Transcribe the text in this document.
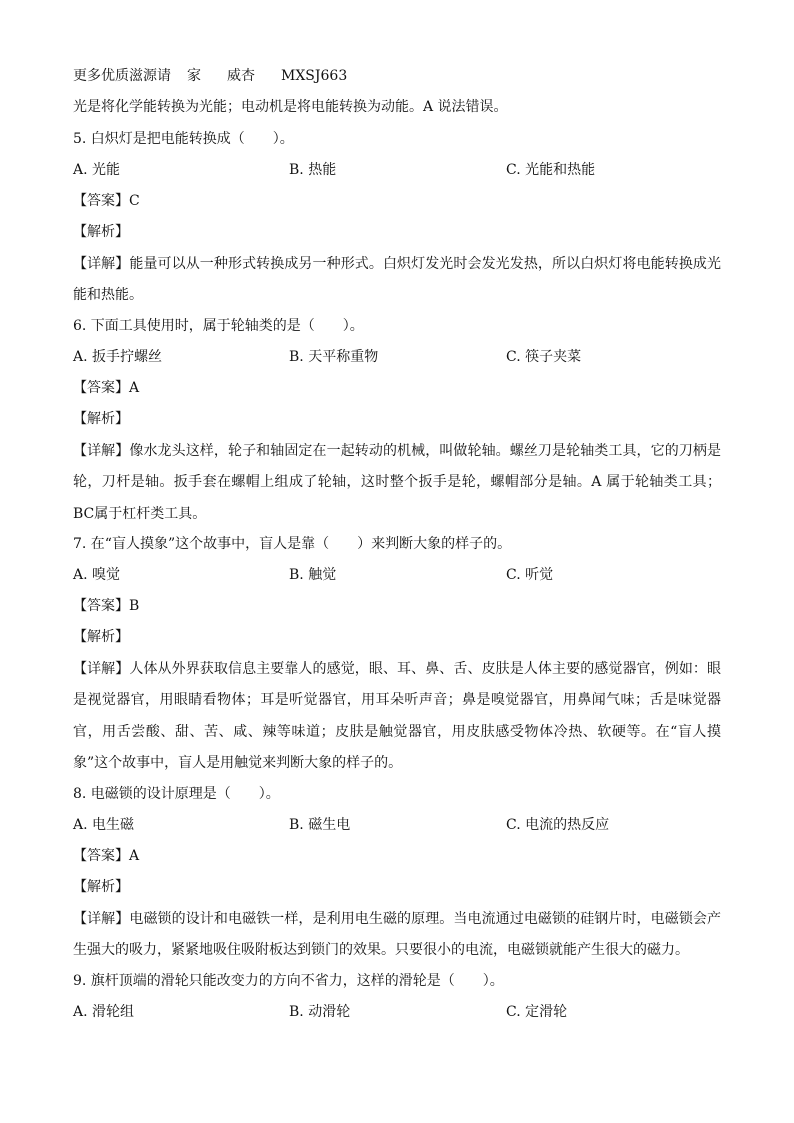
更多优质滋源请 家 威杏 MXSJ663
光是将化学能转换为光能；电动机是将电能转换为动能。A 说法错误。
5. 白炽灯是把电能转换成（　　）。
A. 光能	B. 热能	C. 光能和热能
【答案】C
【解析】
【详解】能量可以从一种形式转换成另一种形式。白炽灯发光时会发光发热，所以白炽灯将电能转换成光能和热能。
6. 下面工具使用时，属于轮轴类的是（　　）。
A. 扳手拧螺丝	B. 天平称重物	C. 筷子夹菜
【答案】A
【解析】
【详解】像水龙头这样，轮子和轴固定在一起转动的机械，叫做轮轴。螺丝刀是轮轴类工具，它的刀柄是轮，刀杆是轴。扳手套在螺帽上组成了轮轴，这时整个扳手是轮，螺帽部分是轴。A 属于轮轴类工具；BC属于杠杆类工具。
7. 在“盲人摸象”这个故事中，盲人是靠（　　）来判断大象的样子的。
A. 嗅觉	B. 触觉	C. 听觉
【答案】B
【解析】
【详解】人体从外界获取信息主要靠人的感觉，眼、耳、鼻、舌、皮肤是人体主要的感觉器官，例如：眼是视觉器官，用眼睛看物体；耳是听觉器官，用耳朵听声音；鼻是嗅觉器官，用鼻闻气味；舌是味觉器官，用舌尝酸、甜、苦、咸、辣等味道；皮肤是触觉器官，用皮肤感受物体冷热、软硬等。在“盲人摸象”这个故事中，盲人是用触觉来判断大象的样子的。
8. 电磁锁的设计原理是（　　）。
A. 电生磁	B. 磁生电	C. 电流的热反应
【答案】A
【解析】
【详解】电磁锁的设计和电磁铁一样，是利用电生磁的原理。当电流通过电磁锁的硅钢片时，电磁锁会产生强大的吸力，紧紧地吸住吸附板达到锁门的效果。只要很小的电流，电磁锁就能产生很大的磁力。
9. 旗杆顶端的滑轮只能改变力的方向不省力，这样的滑轮是（　　）。
A. 滑轮组	B. 动滑轮	C. 定滑轮
